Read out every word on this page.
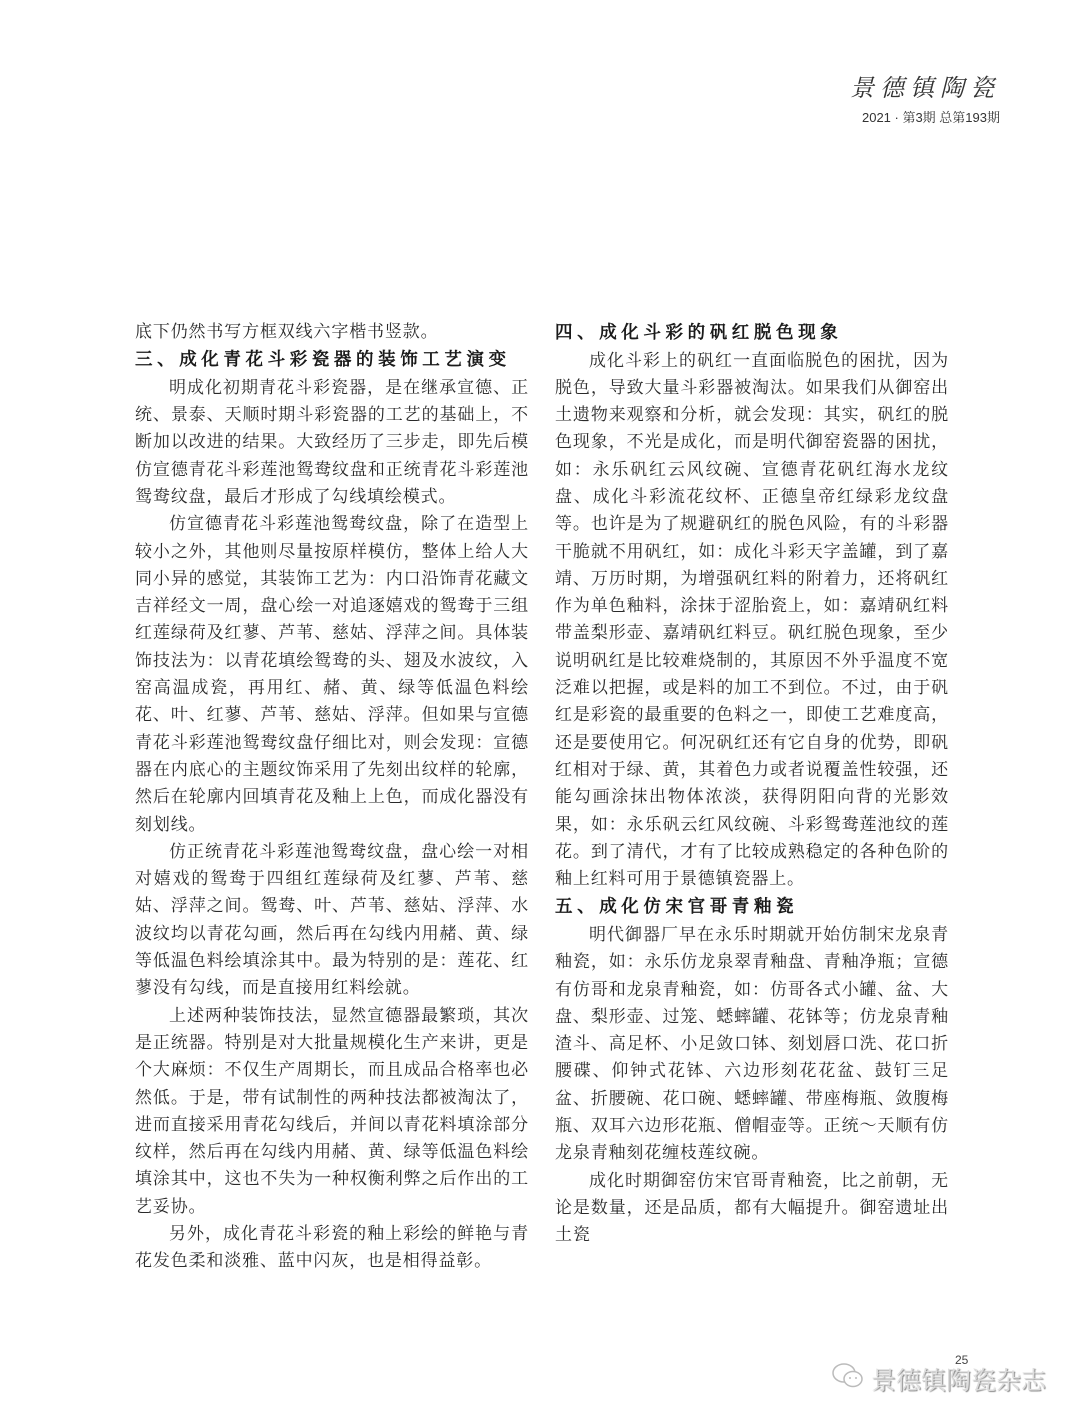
景德镇陶瓷
2021 · 第3期 总第193期

底下仍然书写方框双线六字楷书竖款。

三、成化青花斗彩瓷器的装饰工艺演变

明成化初期青花斗彩瓷器，是在继承宣德、正统、景泰、天顺时期斗彩瓷器的工艺的基础上，不断加以改进的结果。大致经历了三步走，即先后模仿宣德青花斗彩莲池鸳鸯纹盘和正统青花斗彩莲池鸳鸯纹盘，最后才形成了勾线填绘模式。

仿宣德青花斗彩莲池鸳鸯纹盘，除了在造型上较小之外，其他则尽量按原样模仿，整体上给人大同小异的感觉，其装饰工艺为：内口沿饰青花藏文吉祥经文一周，盘心绘一对追逐嬉戏的鸳鸯于三组红莲绿荷及红蓼、芦苇、慈姑、浮萍之间。具体装饰技法为：以青花填绘鸳鸯的头、翅及水波纹，入窑高温成瓷，再用红、赭、黄、绿等低温色料绘花、叶、红蓼、芦苇、慈姑、浮萍。但如果与宣德青花斗彩莲池鸳鸯纹盘仔细比对，则会发现：宣德器在内底心的主题纹饰采用了先刻出纹样的轮廓，然后在轮廓内回填青花及釉上上色，而成化器没有刻划线。

仿正统青花斗彩莲池鸳鸯纹盘，盘心绘一对相对嬉戏的鸳鸯于四组红莲绿荷及红蓼、芦苇、慈姑、浮萍之间。鸳鸯、叶、芦苇、慈姑、浮萍、水波纹均以青花勾画，然后再在勾线内用赭、黄、绿等低温色料绘填涂其中。最为特别的是：莲花、红蓼没有勾线，而是直接用红料绘就。

上述两种装饰技法，显然宣德器最繁琐，其次是正统器。特别是对大批量规模化生产来讲，更是个大麻烦：不仅生产周期长，而且成品合格率也必然低。于是，带有试制性的两种技法都被淘汰了，进而直接采用青花勾线后，并间以青花料填涂部分纹样，然后再在勾线内用赭、黄、绿等低温色料绘填涂其中，这也不失为一种权衡利弊之后作出的工艺妥协。

另外，成化青花斗彩瓷的釉上彩绘的鲜艳与青花发色柔和淡雅、蓝中闪灰，也是相得益彰。

四、成化斗彩的矾红脱色现象

成化斗彩上的矾红一直面临脱色的困扰，因为脱色，导致大量斗彩器被淘汰。如果我们从御窑出土遗物来观察和分析，就会发现：其实，矾红的脱色现象，不光是成化，而是明代御窑瓷器的困扰，如：永乐矾红云风纹碗、宣德青花矾红海水龙纹盘、成化斗彩流花纹杯、正德皇帝红绿彩龙纹盘等。也许是为了规避矾红的脱色风险，有的斗彩器干脆就不用矾红，如：成化斗彩天字盖罐，到了嘉靖、万历时期，为增强矾红料的附着力，还将矾红作为单色釉料，涂抹于涩胎瓷上，如：嘉靖矾红料带盖梨形壶、嘉靖矾红料豆。矾红脱色现象，至少说明矾红是比较难烧制的，其原因不外乎温度不宽泛难以把握，或是料的加工不到位。不过，由于矾红是彩瓷的最重要的色料之一，即使工艺难度高，还是要使用它。何况矾红还有它自身的优势，即矾红相对于绿、黄，其着色力或者说覆盖性较强，还能勾画涂抹出物体浓淡，获得阴阳向背的光影效果，如：永乐矾云红风纹碗、斗彩鸳鸯莲池纹的莲花。到了清代，才有了比较成熟稳定的各种色阶的釉上红料可用于景德镇瓷器上。

五、成化仿宋官哥青釉瓷

明代御器厂早在永乐时期就开始仿制宋龙泉青釉瓷，如：永乐仿龙泉翠青釉盘、青釉净瓶；宣德有仿哥和龙泉青釉瓷，如：仿哥各式小罐、盆、大盘、梨形壶、过笼、蟋蟀罐、花钵等；仿龙泉青釉渣斗、高足杯、小足敛口钵、刻划唇口洗、花口折腰碟、仰钟式花钵、六边形刻花花盆、鼓钉三足盆、折腰碗、花口碗、蟋蟀罐、带座梅瓶、敛腹梅瓶、双耳六边形花瓶、僧帽壶等。正统～天顺有仿龙泉青釉刻花缠枝莲纹碗。

成化时期御窑仿宋官哥青釉瓷，比之前朝，无论是数量，还是品质，都有大幅提升。御窑遗址出土瓷

25
景德镇陶瓷杂志
